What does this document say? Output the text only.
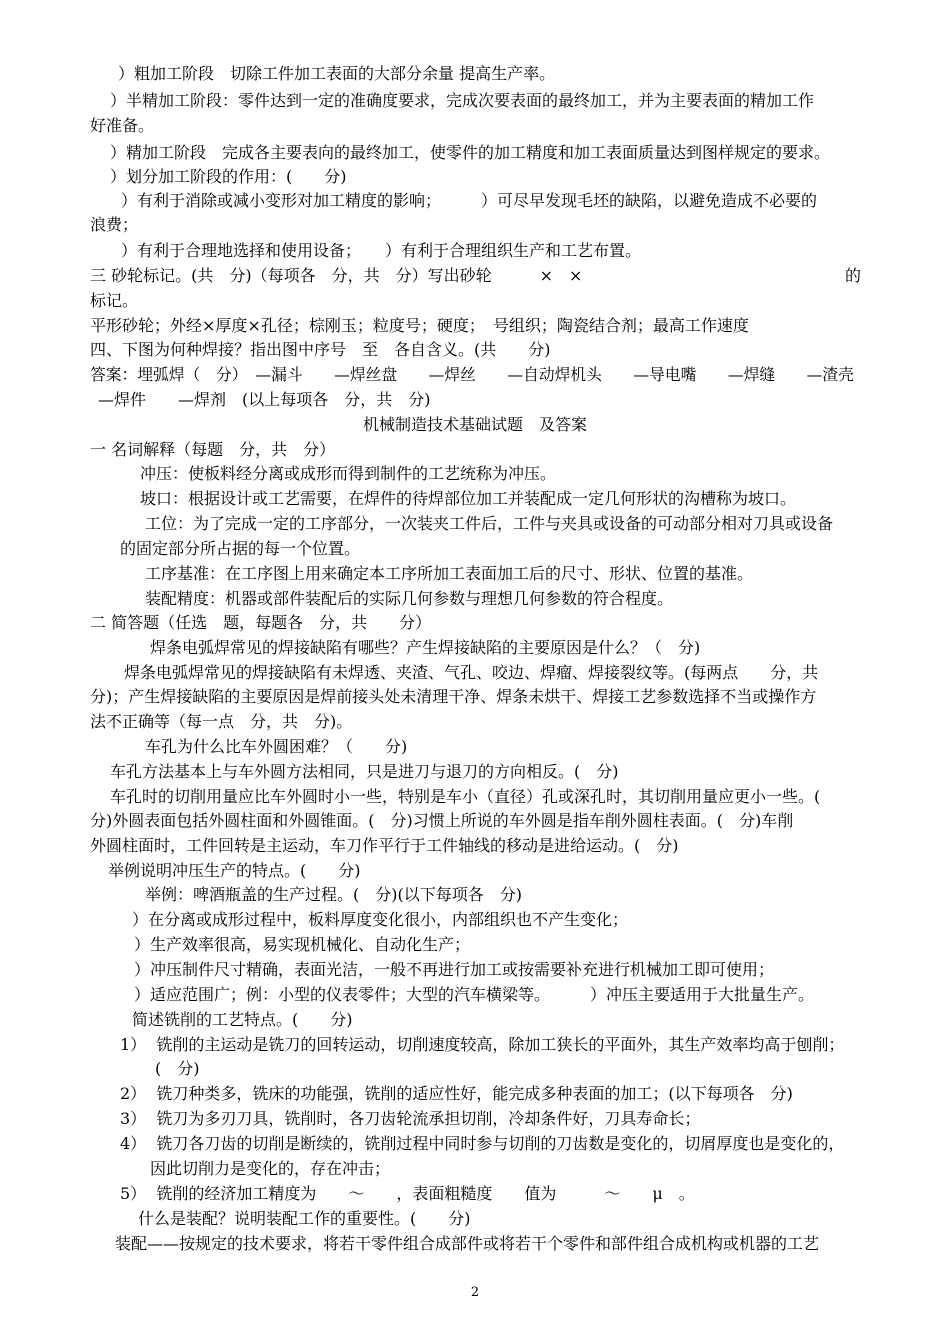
）粗加工阶段　切除工件加工表面的大部分余量 提高生产率。
）半精加工阶段：零件达到一定的准确度要求，完成次要表面的最终加工，并为主要表面的精加工作
好准备。
）精加工阶段　完成各主要表向的最终加工，使零件的加工精度和加工表面质量达到图样规定的要求。
）划分加工阶段的作用：(　　分)
）有利于消除或减小变形对加工精度的影响；　　　）可尽早发现毛坯的缺陷，以避免造成不必要的
浪费；
）有利于合理地选择和使用设备；　　）有利于合理组织生产和工艺布置。
三 砂轮标记。(共　分)（每项各　分，共　分）写出砂轮　　　×　×	的
标记。
平形砂轮；外经×厚度×孔径；棕刚玉；粒度号；硬度；　号组织；陶瓷结合剂；最高工作速度
四、下图为何种焊接？指出图中序号　至　各自含义。(共　　分)
答案：埋弧焊（　分）　—漏斗　　—焊丝盘　　—焊丝　　—自动焊机头　　—导电嘴　　—焊缝　　—渣壳
—焊件　　—焊剂　(以上每项各　分，共　分)
机械制造技术基础试题　及答案
一 名词解释（每题　分，共　分）
冲压：使板料经分离或成形而得到制件的工艺统称为冲压。
坡口：根据设计或工艺需要，在焊件的待焊部位加工并装配成一定几何形状的沟槽称为坡口。
工位：为了完成一定的工序部分，一次装夹工件后，工件与夹具或设备的可动部分相对刀具或设备
的固定部分所占据的每一个位置。
工序基准：在工序图上用来确定本工序所加工表面加工后的尺寸、形状、位置的基准。
装配精度：机器或部件装配后的实际几何参数与理想几何参数的符合程度。
二 简答题（任选　题，每题各　分，共　　分）
焊条电弧焊常见的焊接缺陷有哪些？产生焊接缺陷的主要原因是什么？（　分)
焊条电弧焊常见的焊接缺陷有未焊透、夹渣、气孔、咬边、焊瘤、焊接裂纹等。(每两点　　分，共
分)；产生焊接缺陷的主要原因是焊前接头处未清理干净、焊条未烘干、焊接工艺参数选择不当或操作方
法不正确等（每一点　分，共　分)。
车孔为什么比车外圆困难？（　　分)
车孔方法基本上与车外圆方法相同，只是进刀与退刀的方向相反。(　分)
车孔时的切削用量应比车外圆时小一些，特别是车小（直径）孔或深孔时，其切削用量应更小一些。(
分)外圆表面包括外圆柱面和外圆锥面。(　分)习惯上所说的车外圆是指车削外圆柱表面。(　分)车削
外圆柱面时，工件回转是主运动，车刀作平行于工件轴线的移动是进给运动。(　分)
举例说明冲压生产的特点。(　　分)
举例：啤酒瓶盖的生产过程。(　分)(以下每项各　分)
）在分离或成形过程中，板料厚度变化很小，内部组织也不产生变化；
）生产效率很高，易实现机械化、自动化生产；
）冲压制件尺寸精确，表面光洁，一般不再进行加工或按需要补充进行机械加工即可使用；
）适应范围广；例：小型的仪表零件；大型的汽车横梁等。　　　）冲压主要适用于大批量生产。
简述铣削的工艺特点。(　　分)
1）  铣削的主运动是铣刀的回转运动，切削速度较高，除加工狭长的平面外，其生产效率均高于刨削；
(　分)
2）  铣刀种类多，铣床的功能强，铣削的适应性好，能完成多种表面的加工；(以下每项各　分)
3）  铣刀为多刃刀具，铣削时，各刀齿轮流承担切削，冷却条件好，刀具寿命长；
4）  铣刀各刀齿的切削是断续的，铣削过程中同时参与切削的刀齿数是变化的，切屑厚度也是变化的，
因此切削力是变化的，存在冲击；
5）  铣削的经济加工精度为　　～　　，表面粗糙度　　值为　　　～　　μ　。
什么是装配？说明装配工作的重要性。(　　分)
装配——按规定的技术要求，将若干零件组合成部件或将若干个零件和部件组合成机构或机器的工艺
2
